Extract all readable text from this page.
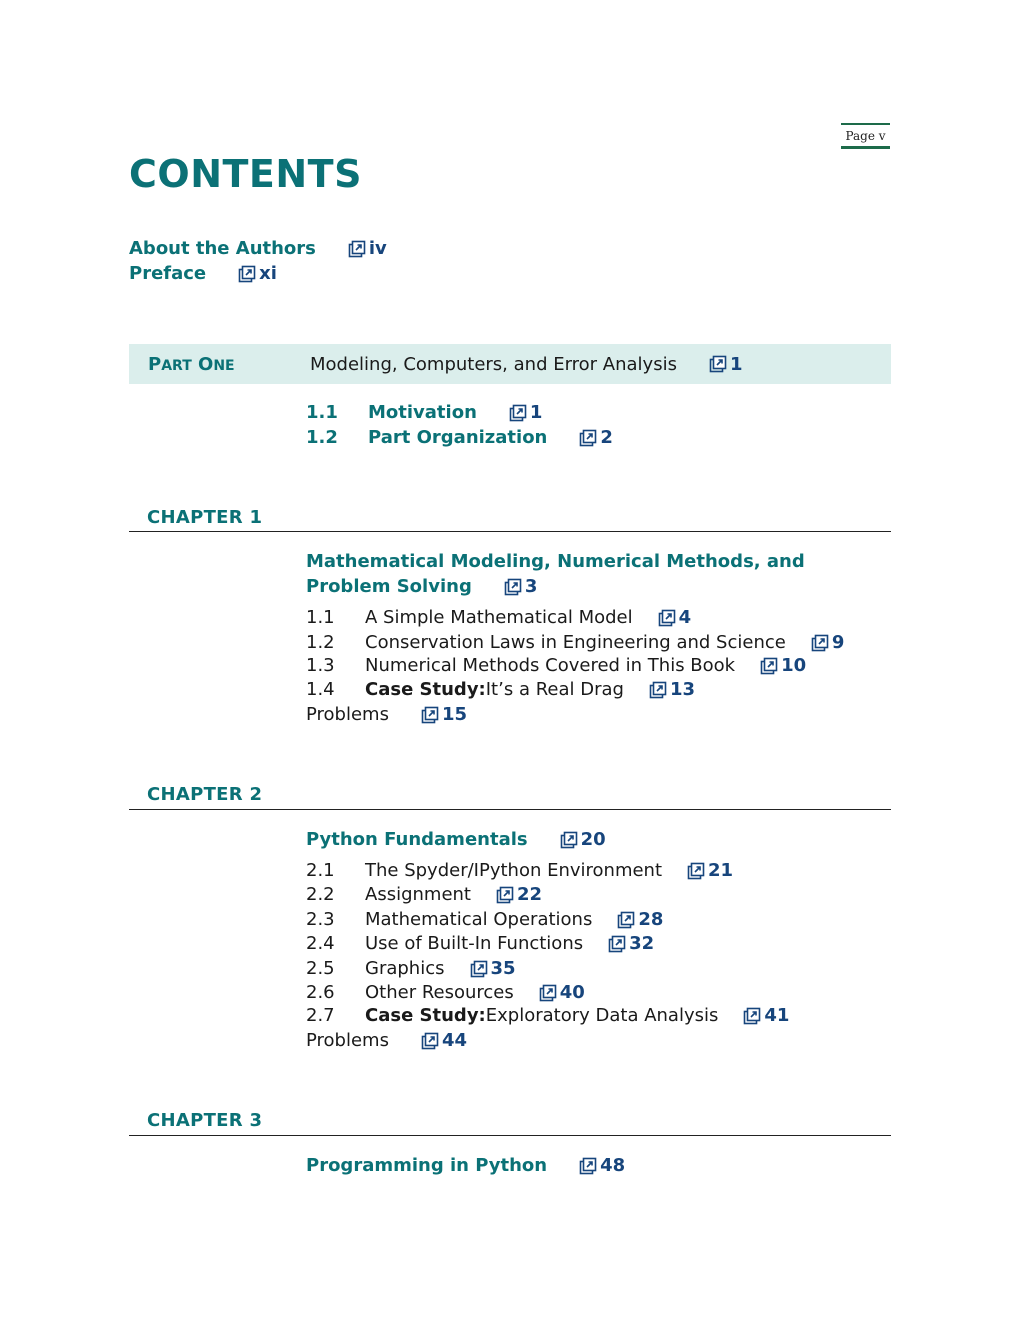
Page v
CONTENTS
About the Authors	iv
Preface	xi
PART ONE	Modeling, Computers, and Error Analysis	1
1.1	Motivation	1
1.2	Part Organization	2
CHAPTER 1
Mathematical Modeling, Numerical Methods, and
Problem Solving	3
1.1	A Simple Mathematical Model	4
1.2	Conservation Laws in Engineering and Science	9
1.3	Numerical Methods Covered in This Book	10
1.4	Case Study: It’s a Real Drag	13
Problems	15
CHAPTER 2
Python Fundamentals	20
2.1	The Spyder/IPython Environment	21
2.2	Assignment	22
2.3	Mathematical Operations	28
2.4	Use of Built-In Functions	32
2.5	Graphics	35
2.6	Other Resources	40
2.7	Case Study: Exploratory Data Analysis	41
Problems	44
CHAPTER 3
Programming in Python	48
